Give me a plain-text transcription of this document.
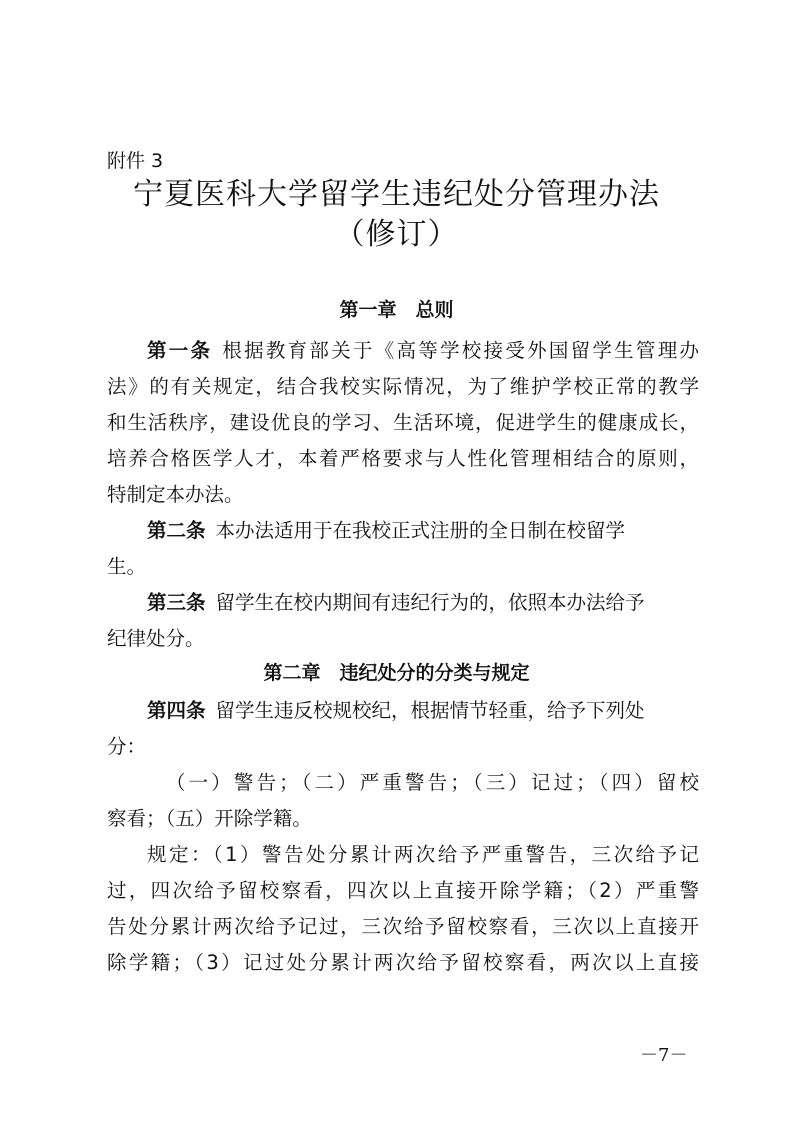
附件 3
宁夏医科大学留学生违纪处分管理办法
（修订）
第一章　总则
第一条 根据教育部关于《高等学校接受外国留学生管理办
法》的有关规定，结合我校实际情况，为了维护学校正常的教学
和生活秩序，建设优良的学习、生活环境，促进学生的健康成长，
培养合格医学人才，本着严格要求与人性化管理相结合的原则，
特制定本办法。
第二条 本办法适用于在我校正式注册的全日制在校留学
生。
第三条 留学生在校内期间有违纪行为的，依照本办法给予
纪律处分。
第二章　违纪处分的分类与规定
第四条 留学生违反校规校纪，根据情节轻重，给予下列处
分：
（一）警告；（二）严重警告；（三）记过；（四）留校
察看；（五）开除学籍。
规定：（1）警告处分累计两次给予严重警告，三次给予记
过，四次给予留校察看，四次以上直接开除学籍；（2）严重警
告处分累计两次给予记过，三次给予留校察看，三次以上直接开
除学籍；（3）记过处分累计两次给予留校察看，两次以上直接
－7－
